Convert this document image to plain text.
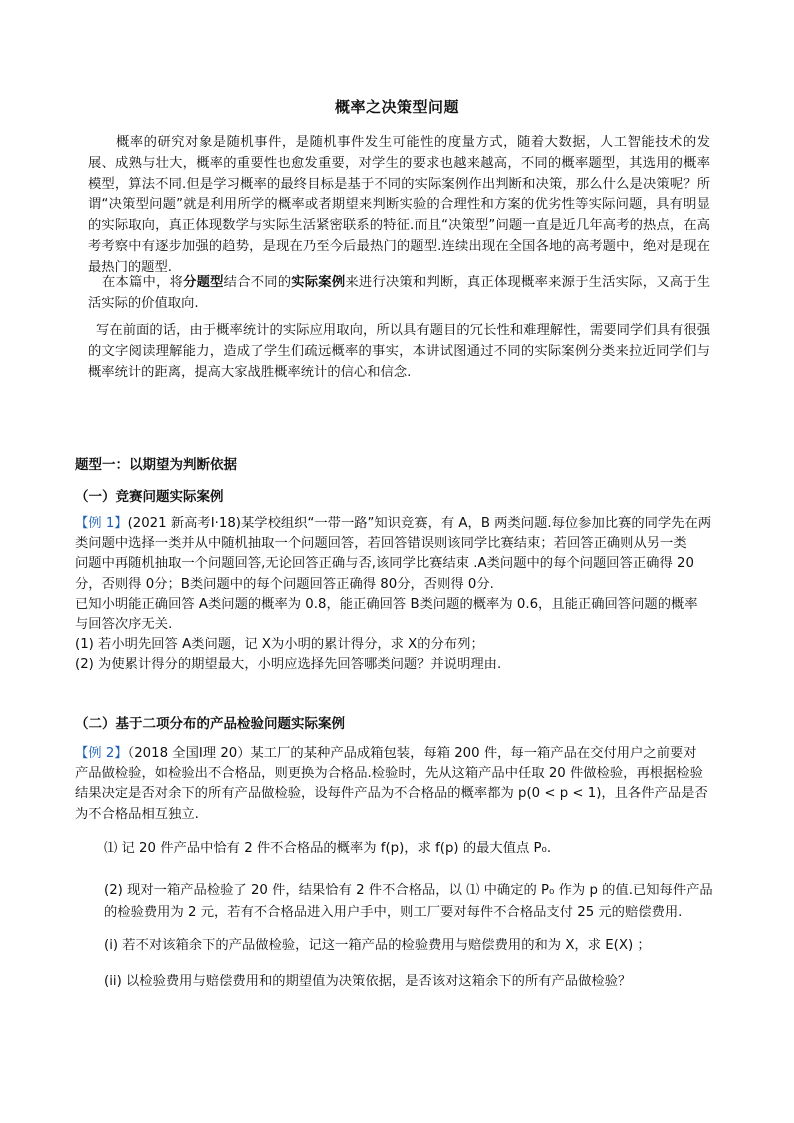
概率之决策型问题
概率的研究对象是随机事件，是随机事件发生可能性的度量方式，随着大数据，人工智能技术的发展、成熟与壮大，概率的重要性也愈发重要，对学生的要求也越来越高，不同的概率题型，其选用的概率模型，算法不同.但是学习概率的最终目标是基于不同的实际案例作出判断和决策，那么什么是决策呢？所谓“决策型问题”就是利用所学的概率或者期望来判断实验的合理性和方案的优劣性等实际问题，具有明显的实际取向，真正体现数学与实际生活紧密联系的特征.而且“决策型”问题一直是近几年高考的热点，在高考考察中有逐步加强的趋势，是现在乃至今后最热门的题型.连续出现在全国各地的高考题中，绝对是现在最热门的题型.
在本篇中，将分题型结合不同的实际案例来进行决策和判断，真正体现概率来源于生活实际，又高于生活实际的价值取向.
写在前面的话，由于概率统计的实际应用取向，所以具有题目的冗长性和难理解性，需要同学们具有很强的文字阅读理解能力，造成了学生们疏远概率的事实，本讲试图通过不同的实际案例分类来拉近同学们与概率统计的距离，提高大家战胜概率统计的信心和信念.
题型一：以期望为判断依据
（一）竞赛问题实际案例
【例 1】(2021 新高考Ⅰ·18)某学校组织“一带一路”知识竞赛，有 A，B 两类问题.每位参加比赛的同学先在两
类问题中选择一类并从中随机抽取一个问题回答，若回答错误则该同学比赛结束；若回答正确则从另一类
问题中再随机抽取一个问题回答,无论回答正确与否,该同学比赛结束 .A类问题中的每个问题回答正确得 20
分，否则得 0分；B类问题中的每个问题回答正确得 80分，否则得 0分.
已知小明能正确回答 A类问题的概率为 0.8，能正确回答 B类问题的概率为 0.6，且能正确回答问题的概率
与回答次序无关.
(1) 若小明先回答 A类问题，记 X为小明的累计得分，求 X的分布列；
(2) 为使累计得分的期望最大，小明应选择先回答哪类问题？并说明理由.
（二）基于二项分布的产品检验问题实际案例
【例 2】（2018 全国Ⅰ理 20）某工厂的某种产品成箱包装，每箱 200 件，每一箱产品在交付用户之前要对
产品做检验，如检验出不合格品，则更换为合格品.检验时，先从这箱产品中任取 20 件做检验，再根据检验
结果决定是否对余下的所有产品做检验，设每件产品为不合格品的概率都为 p(0 < p < 1)，且各件产品是否
为不合格品相互独立.
⑴ 记 20 件产品中恰有 2 件不合格品的概率为 f(p)，求 f(p) 的最大值点 P₀.
(2) 现对一箱产品检验了 20 件，结果恰有 2 件不合格品，以 ⑴ 中确定的 P₀ 作为 p 的值.已知每件产品
的检验费用为 2 元，若有不合格品进入用户手中，则工厂要对每件不合格品支付 25 元的赔偿费用.
(i) 若不对该箱余下的产品做检验，记这一箱产品的检验费用与赔偿费用的和为 X，求 E(X) ；
(ii) 以检验费用与赔偿费用和的期望值为决策依据，是否该对这箱余下的所有产品做检验？
